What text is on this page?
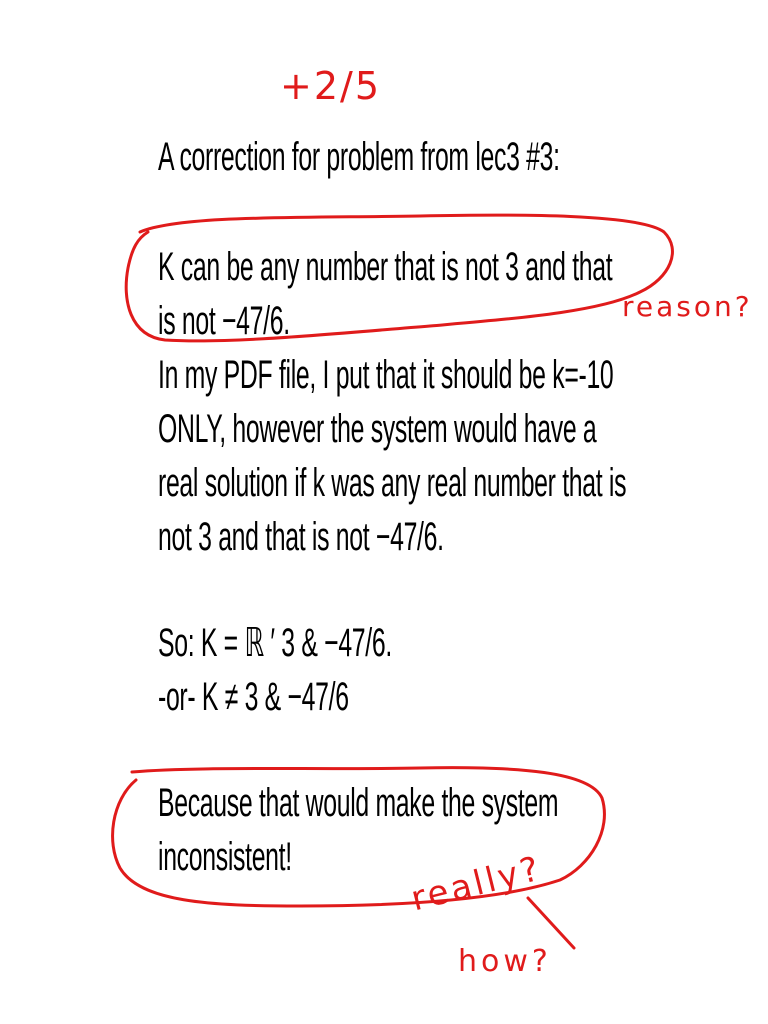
A correction for problem from lec3 #3:
K can be any number that is not 3 and that
is not −47/6.
In my PDF file, I put that it should be k=-10
ONLY, however the system would have a
real solution if k was any real number that is
not 3 and that is not −47/6.
So: K = ℝ ′ 3 & −47/6.
-or- K ≠ 3 & −47/6
Because that would make the system
inconsistent!
+2/5
reason?
really?
how?
